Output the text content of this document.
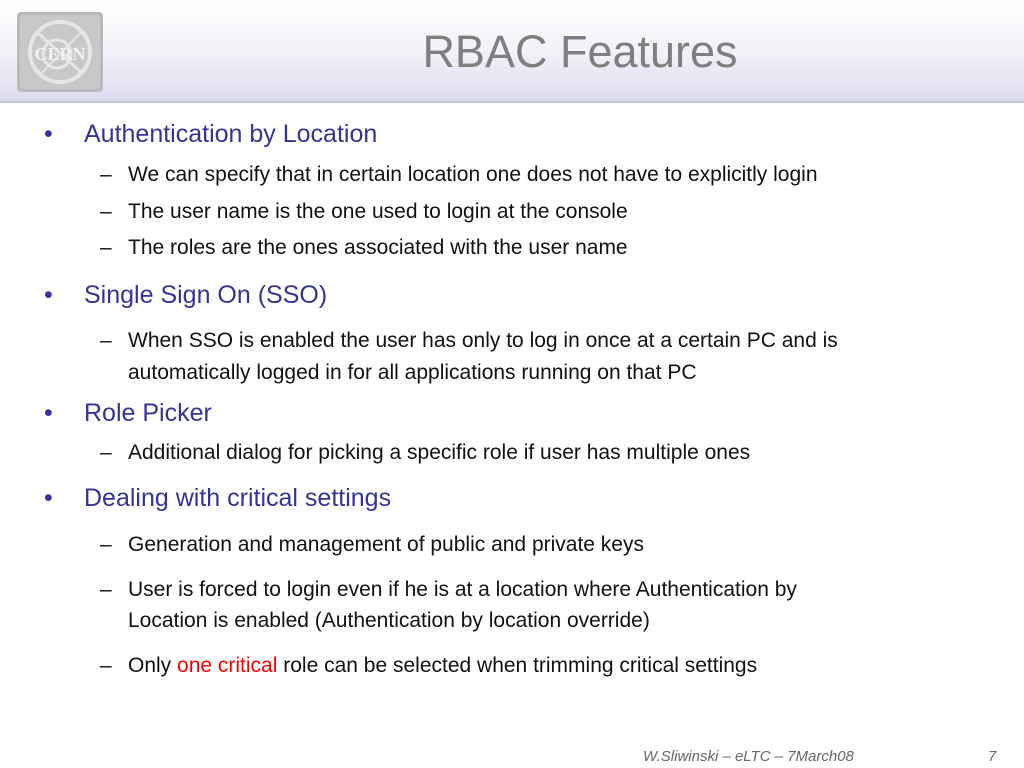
CERN	RBAC Features
• Authentication by Location
– We can specify that in certain location one does not have to explicitly login
– The user name is the one used to login at the console
– The roles are the ones associated with the user name
• Single Sign On (SSO)
– When SSO is enabled the user has only to log in once at a certain PC and is
automatically logged in for all applications running on that PC
• Role Picker
– Additional dialog for picking a specific role if user has multiple ones
• Dealing with critical settings
– Generation and management of public and private keys
– User is forced to login even if he is at a location where Authentication by
Location is enabled (Authentication by location override)
– Only one critical role can be selected when trimming critical settings
W.Sliwinski – eLTC – 7March08	7
